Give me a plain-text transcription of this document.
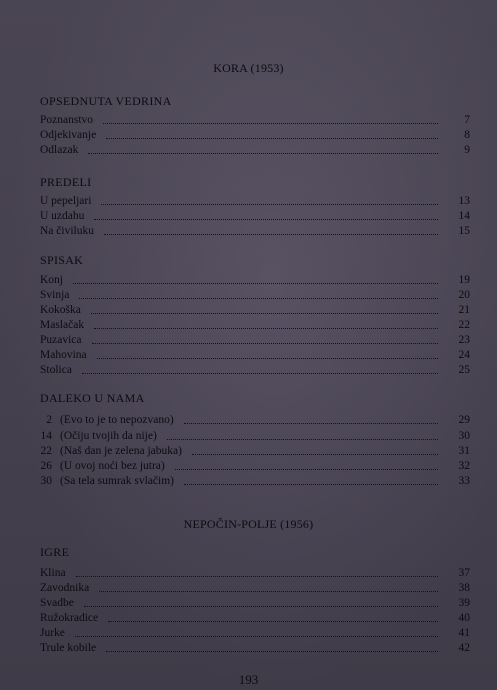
KORA (1953)
OPSEDNUTA VEDRINA
Poznanstvo	7
Odjekivanje	8
Odlazak	9
PREDELI
U pepeljari	13
U uzdahu	14
Na čiviluku	15
SPISAK
Konj	19
Svinja	20
Kokoška	21
Maslačak	22
Puzavica	23
Mahovina	24
Stolica	25
DALEKO U NAMA
2 (Evo to je to nepozvano)	29
14 (Očiju tvojih da nije)	30
22 (Naš dan je zelena jabuka)	31
26 (U ovoj noći bez jutra)	32
30 (Sa tela sumrak svlačim)	33
NEPOČIN-POLJE (1956)
IGRE
Klina	37
Zavodnika	38
Svadbe	39
Ružokradice	40
Jurke	41
Trule kobile	42
193
